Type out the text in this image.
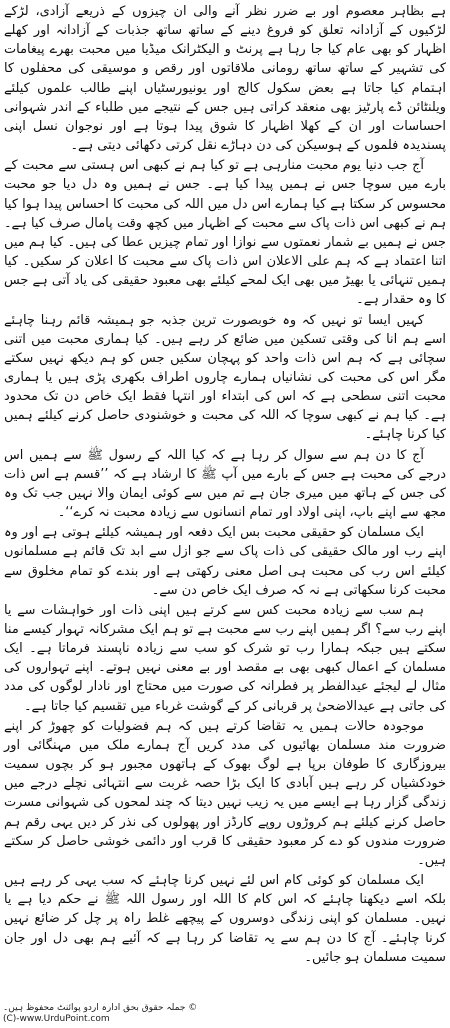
ہے بظاہر معصوم اور بے ضرر نظر آنے والی ان چیزوں کے ذریعے آزادی، لڑکے لڑکیوں کے آزادانہ تعلق کو فروغ دینے کے ساتھ ساتھ جذبات کے آزادانہ اور کھلے اظہار کو بھی عام کیا جا رہا ہے پرنٹ و الیکٹرانک میڈیا میں محبت بھرے پیغامات کی تشہیر کے ساتھ ساتھ رومانی ملاقاتوں اور رقص و موسیقی کی محفلوں کا اہتمام کیا جاتا ہے بعض سکول کالج اور یونیورسٹیاں اپنے طالب علموں کیلئے ویلنٹائن ڈے پارٹیز بھی منعقد کراتی ہیں جس کے نتیجے میں طلباء کے اندر شہوانی احساسات اور ان کے کھلا اظہار کا شوق پیدا ہوتا ہے اور نوجوان نسل اپنی پسندیدہ فلموں کے ہوسیکن کی دن دہاڑے نقل کرتی دکھائی دیتی ہے۔

آج جب دنیا یوم محبت منارہی ہے تو کیا ہم نے کبھی اس ہستی سے محبت کے بارے میں سوچا جس نے ہمیں پیدا کیا ہے۔ جس نے ہمیں وہ دل دیا جو محبت محسوس کر سکتا ہے کیا ہمارے اس دل میں اللہ کی محبت کا احساس پیدا ہوا کیا ہم نے کبھی اس ذات پاک سے محبت کے اظہار میں کچھ وقت پامال صرف کیا ہے۔ جس نے ہمیں بے شمار نعمتوں سے نوازا اور تمام چیزیں عطا کی ہیں۔ کیا ہم میں اتنا اعتماد ہے کہ ہم علی الاعلان اس ذات پاک سے محبت کا اعلان کر سکیں۔ کیا ہمیں تنہائی یا بھیڑ میں بھی ایک لمحے کیلئے بھی معبود حقیقی کی یاد آتی ہے جس کا وہ حقدار ہے۔

کہیں ایسا تو نہیں کہ وہ خوبصورت ترین جذبہ جو ہمیشہ قائم رہنا چاہئے اسے ہم انا کی وقتی تسکین میں ضائع کر رہے ہیں۔ کیا ہماری محبت میں اتنی سچائی ہے کہ ہم اس ذات واحد کو پہچان سکیں جس کو ہم دیکھ نہیں سکتے مگر اس کی محبت کی نشانیاں ہمارے چاروں اطراف بکھری پڑی ہیں یا ہماری محبت اتنی سطحی ہے کہ اس کی ابتداء اور انتہا فقط ایک خاص دن تک محدود ہے۔ کیا ہم نے کبھی سوچا کہ اللہ کی محبت و خوشنودی حاصل کرنے کیلئے ہمیں کیا کرنا چاہئے۔

آج کا دن ہم سے سوال کر رہا ہے کہ کیا اللہ کے رسول ﷺ سے ہمیں اس درجے کی محبت ہے جس کے بارے میں آپ ﷺ کا ارشاد ہے کہ ’’قسم ہے اس ذات کی جس کے ہاتھ میں میری جان ہے تم میں سے کوئی ایمان والا نہیں جب تک وہ مجھ سے اپنے باپ، اپنی اولاد اور تمام انسانوں سے زیادہ محبت نہ کرے‘‘۔

ایک مسلمان کو حقیقی محبت بس ایک دفعہ اور ہمیشہ کیلئے ہوتی ہے اور وہ اپنے رب اور مالک حقیقی کی ذات پاک سے جو ازل سے ابد تک قائم ہے مسلمانوں کیلئے اس رب کی محبت ہی اصل معنی رکھتی ہے اور بندے کو تمام مخلوق سے محبت کرنا سکھاتی ہے نہ کہ صرف ایک خاص دن سے۔

ہم سب سے زیادہ محبت کس سے کرتے ہیں اپنی ذات اور خواہشات سے یا اپنے رب سے؟ اگر ہمیں اپنے رب سے محبت ہے تو ہم ایک مشرکانہ تہوار کیسے منا سکتے ہیں جبکہ ہمارا رب تو شرک کو سب سے زیادہ ناپسند فرماتا ہے۔ ایک مسلمان کے اعمال کبھی بھی بے مقصد اور بے معنی نہیں ہوتے۔ اپنے تہواروں کی مثال لے لیجئے عیدالفطر پر فطرانہ کی صورت میں محتاج اور نادار لوگوں کی مدد کی جاتی ہے عیدالاضحیٰ پر قربانی کر کے گوشت غرباء میں تقسیم کیا جاتا ہے۔

موجودہ حالات ہمیں یہ تقاضا کرتے ہیں کہ ہم فضولیات کو چھوڑ کر اپنے ضرورت مند مسلمان بھائیوں کی مدد کریں آج ہمارے ملک میں مہنگائی اور بیروزگاری کا طوفان برپا ہے لوگ بھوک کے ہاتھوں مجبور ہو کر بچوں سمیت خودکشیاں کر رہے ہیں آبادی کا ایک بڑا حصہ غربت سے انتہائی نچلے درجے میں زندگی گزار رہا ہے ایسے میں یہ زیب نہیں دیتا کہ چند لمحوں کی شہوانی مسرت حاصل کرنے کیلئے ہم کروڑوں روپے کارڈز اور پھولوں کی نذر کر دیں یہی رقم ہم ضرورت مندوں کو دے کر معبود حقیقی کا قرب اور دائمی خوشی حاصل کر سکتے ہیں۔

ایک مسلمان کو کوئی کام اس لئے نہیں کرنا چاہئے کہ سب یہی کر رہے ہیں بلکہ اسے دیکھنا چاہئے کہ اس کام کا اللہ اور رسول اللہ ﷺ نے حکم دیا ہے یا نہیں۔ مسلمان کو اپنی زندگی دوسروں کے پیچھے غلط راہ پر چل کر ضائع نہیں کرنا چاہئے۔ آج کا دن ہم سے یہ تقاضا کر رہا ہے کہ آئیے ہم بھی دل اور جان سمیت مسلمان ہو جائیں۔

© جملہ حقوق بحق ادارہ اردو پوائنٹ محفوظ ہیں۔
(C)-www.UrduPoint.com
